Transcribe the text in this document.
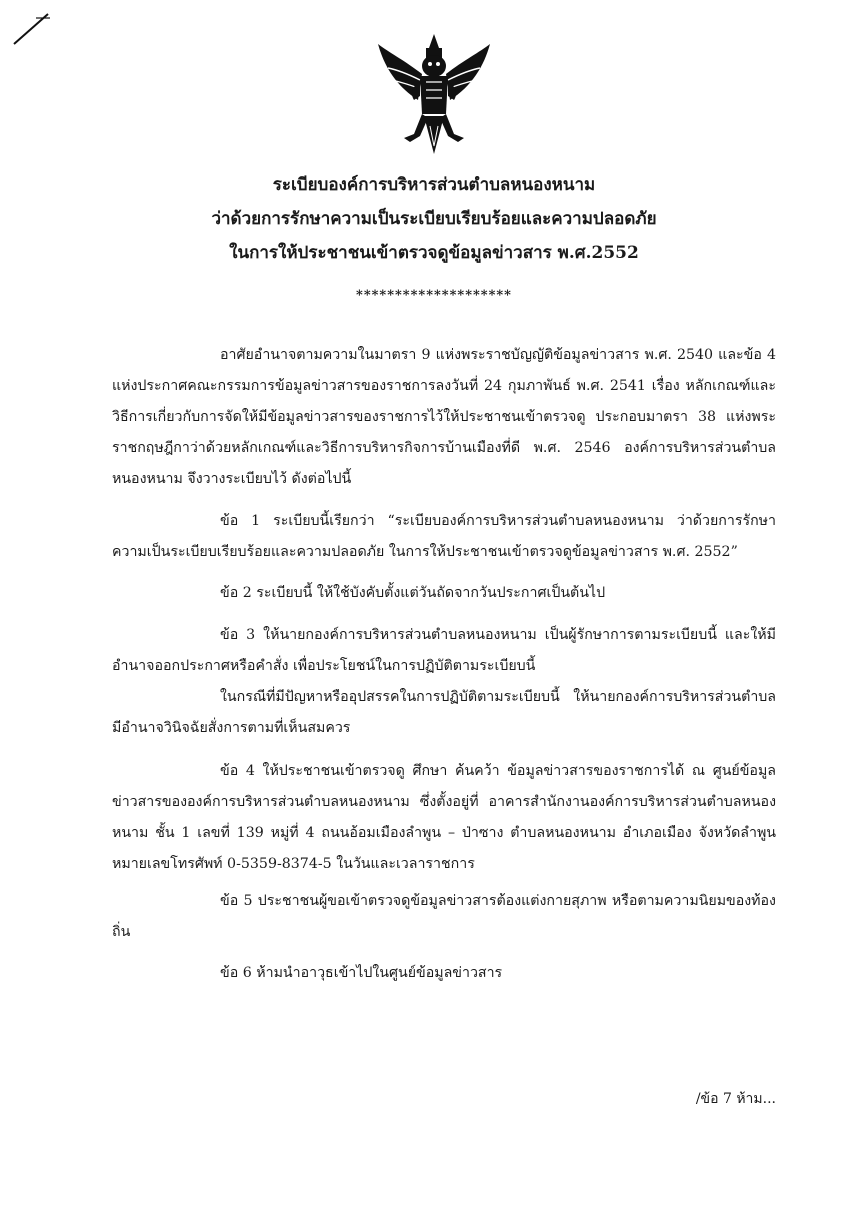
ระเบียบองค์การบริหารส่วนตำบลหนองหนาม
ว่าด้วยการรักษาความเป็นระเบียบเรียบร้อยและความปลอดภัย
ในการให้ประชาชนเข้าตรวจดูข้อมูลข่าวสาร พ.ศ.2552
********************
อาศัยอำนาจตามความในมาตรา 9 แห่งพระราชบัญญัติข้อมูลข่าวสาร พ.ศ. 2540 และข้อ 4 แห่งประกาศคณะกรรมการข้อมูลข่าวสารของราชการลงวันที่ 24 กุมภาพันธ์ พ.ศ. 2541 เรื่อง หลักเกณฑ์และวิธีการเกี่ยวกับการจัดให้มีข้อมูลข่าวสารของราชการไว้ให้ประชาชนเข้าตรวจดู ประกอบมาตรา 38 แห่งพระราชกฤษฎีกาว่าด้วยหลักเกณฑ์และวิธีการบริหารกิจการบ้านเมืองที่ดี พ.ศ. 2546 องค์การบริหารส่วนตำบลหนองหนาม จึงวางระเบียบไว้ ดังต่อไปนี้
ข้อ 1 ระเบียบนี้เรียกว่า “ระเบียบองค์การบริหารส่วนตำบลหนองหนาม ว่าด้วยการรักษาความเป็นระเบียบเรียบร้อยและความปลอดภัย ในการให้ประชาชนเข้าตรวจดูข้อมูลข่าวสาร พ.ศ. 2552”
ข้อ 2 ระเบียบนี้ ให้ใช้บังคับตั้งแต่วันถัดจากวันประกาศเป็นต้นไป
ข้อ 3 ให้นายกองค์การบริหารส่วนตำบลหนองหนาม เป็นผู้รักษาการตามระเบียบนี้ และให้มีอำนาจออกประกาศหรือคำสั่ง เพื่อประโยชน์ในการปฏิบัติตามระเบียบนี้
ในกรณีที่มีปัญหาหรืออุปสรรคในการปฏิบัติตามระเบียบนี้ ให้นายกองค์การบริหารส่วนตำบลมีอำนาจวินิจฉัยสั่งการตามที่เห็นสมควร
ข้อ 4 ให้ประชาชนเข้าตรวจดู ศึกษา ค้นคว้า ข้อมูลข่าวสารของราชการได้ ณ ศูนย์ข้อมูลข่าวสารขององค์การบริหารส่วนตำบลหนองหนาม ซึ่งตั้งอยู่ที่ อาคารสำนักงานองค์การบริหารส่วนตำบลหนองหนาม ชั้น 1 เลขที่ 139 หมู่ที่ 4 ถนนอ้อมเมืองลำพูน – ป่าซาง ตำบลหนองหนาม อำเภอเมือง จังหวัดลำพูน หมายเลขโทรศัพท์ 0-5359-8374-5 ในวันและเวลาราชการ
ข้อ 5 ประชาชนผู้ขอเข้าตรวจดูข้อมูลข่าวสารต้องแต่งกายสุภาพ หรือตามความนิยมของท้องถิ่น
ข้อ 6 ห้ามนำอาวุธเข้าไปในศูนย์ข้อมูลข่าวสาร
/ข้อ 7 ห้าม...
